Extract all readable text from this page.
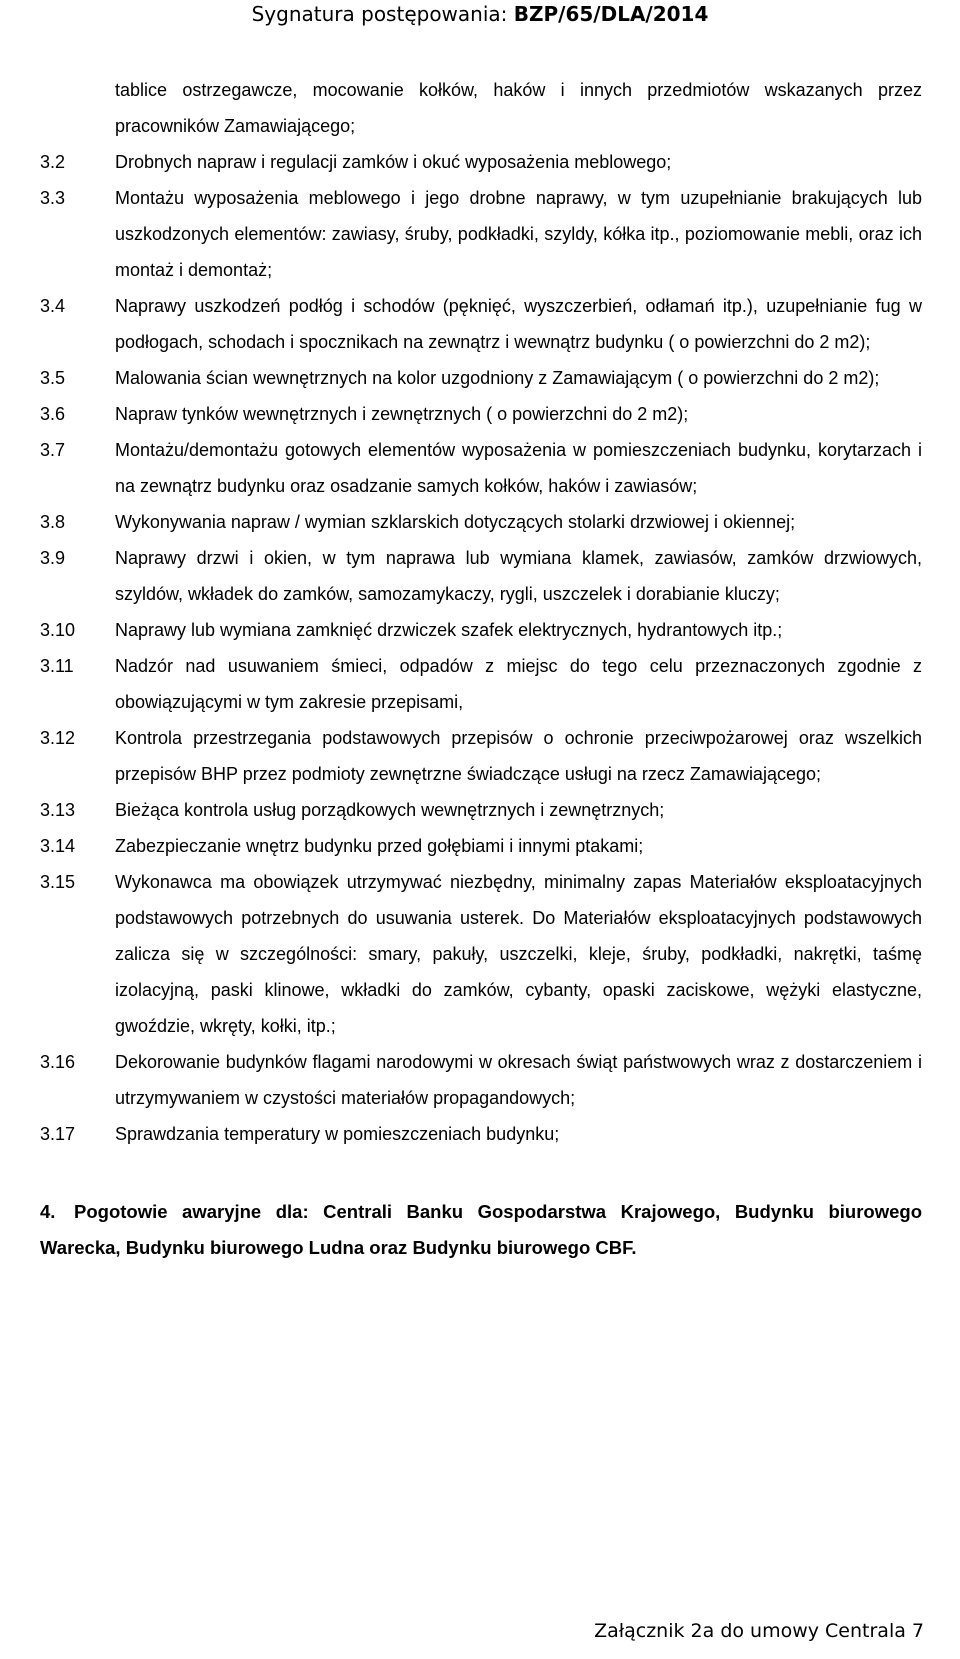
Sygnatura postępowania: BZP/65/DLA/2014
tablice ostrzegawcze, mocowanie kołków, haków i innych przedmiotów wskazanych przez pracowników Zamawiającego;
3.2	Drobnych napraw i regulacji zamków i okuć wyposażenia meblowego;
3.3	Montażu wyposażenia meblowego i jego drobne naprawy, w tym uzupełnianie brakujących lub uszkodzonych elementów: zawiasy, śruby, podkładki, szyldy, kółka itp., poziomowanie mebli, oraz ich montaż i demontaż;
3.4	Naprawy uszkodzeń podłóg i schodów (pęknięć, wyszczerbień, odłamań itp.), uzupełnianie fug w podłogach, schodach i spocznikach na zewnątrz i wewnątrz budynku ( o powierzchni do 2 m2);
3.5	Malowania ścian wewnętrznych na kolor uzgodniony z Zamawiającym ( o powierzchni do 2 m2);
3.6	Napraw tynków wewnętrznych i zewnętrznych ( o powierzchni do 2 m2);
3.7	Montażu/demontażu gotowych elementów wyposażenia w pomieszczeniach budynku, korytarzach i na zewnątrz budynku oraz osadzanie samych kołków, haków i zawiasów;
3.8	Wykonywania napraw / wymian szklarskich dotyczących stolarki drzwiowej i okiennej;
3.9	Naprawy drzwi i okien, w tym naprawa lub wymiana klamek, zawiasów, zamków drzwiowych, szyldów, wkładek do zamków, samozamykaczy, rygli, uszczelek i dorabianie kluczy;
3.10 Naprawy lub wymiana zamknięć drzwiczek szafek elektrycznych, hydrantowych itp.;
3.11 Nadzór nad usuwaniem śmieci, odpadów z miejsc do tego celu przeznaczonych zgodnie z obowiązującymi w tym zakresie przepisami,
3.12 Kontrola przestrzegania podstawowych przepisów o ochronie przeciwpożarowej oraz wszelkich przepisów BHP przez podmioty zewnętrzne świadczące usługi na rzecz Zamawiającego;
3.13 Bieżąca kontrola usług porządkowych wewnętrznych i zewnętrznych;
3.14 Zabezpieczanie wnętrz budynku przed gołębiami i innymi ptakami;
3.15 Wykonawca ma obowiązek utrzymywać niezbędny, minimalny zapas Materiałów eksploatacyjnych podstawowych potrzebnych do usuwania usterek. Do Materiałów eksploatacyjnych podstawowych zalicza się w szczególności: smary, pakuły, uszczelki, kleje, śruby, podkładki, nakrętki, taśmę izolacyjną, paski klinowe, wkładki do zamków, cybanty, opaski zaciskowe, wężyki elastyczne, gwoździe, wkręty, kołki, itp.;
3.16 Dekorowanie budynków flagami narodowymi w okresach świąt państwowych wraz z dostarczeniem i utrzymywaniem w czystości materiałów propagandowych;
3.17 Sprawdzania temperatury w pomieszczeniach budynku;
4. Pogotowie awaryjne dla: Centrali Banku Gospodarstwa Krajowego, Budynku biurowego Warecka, Budynku biurowego Ludna oraz Budynku biurowego CBF.
Załącznik 2a do umowy Centrala 7
